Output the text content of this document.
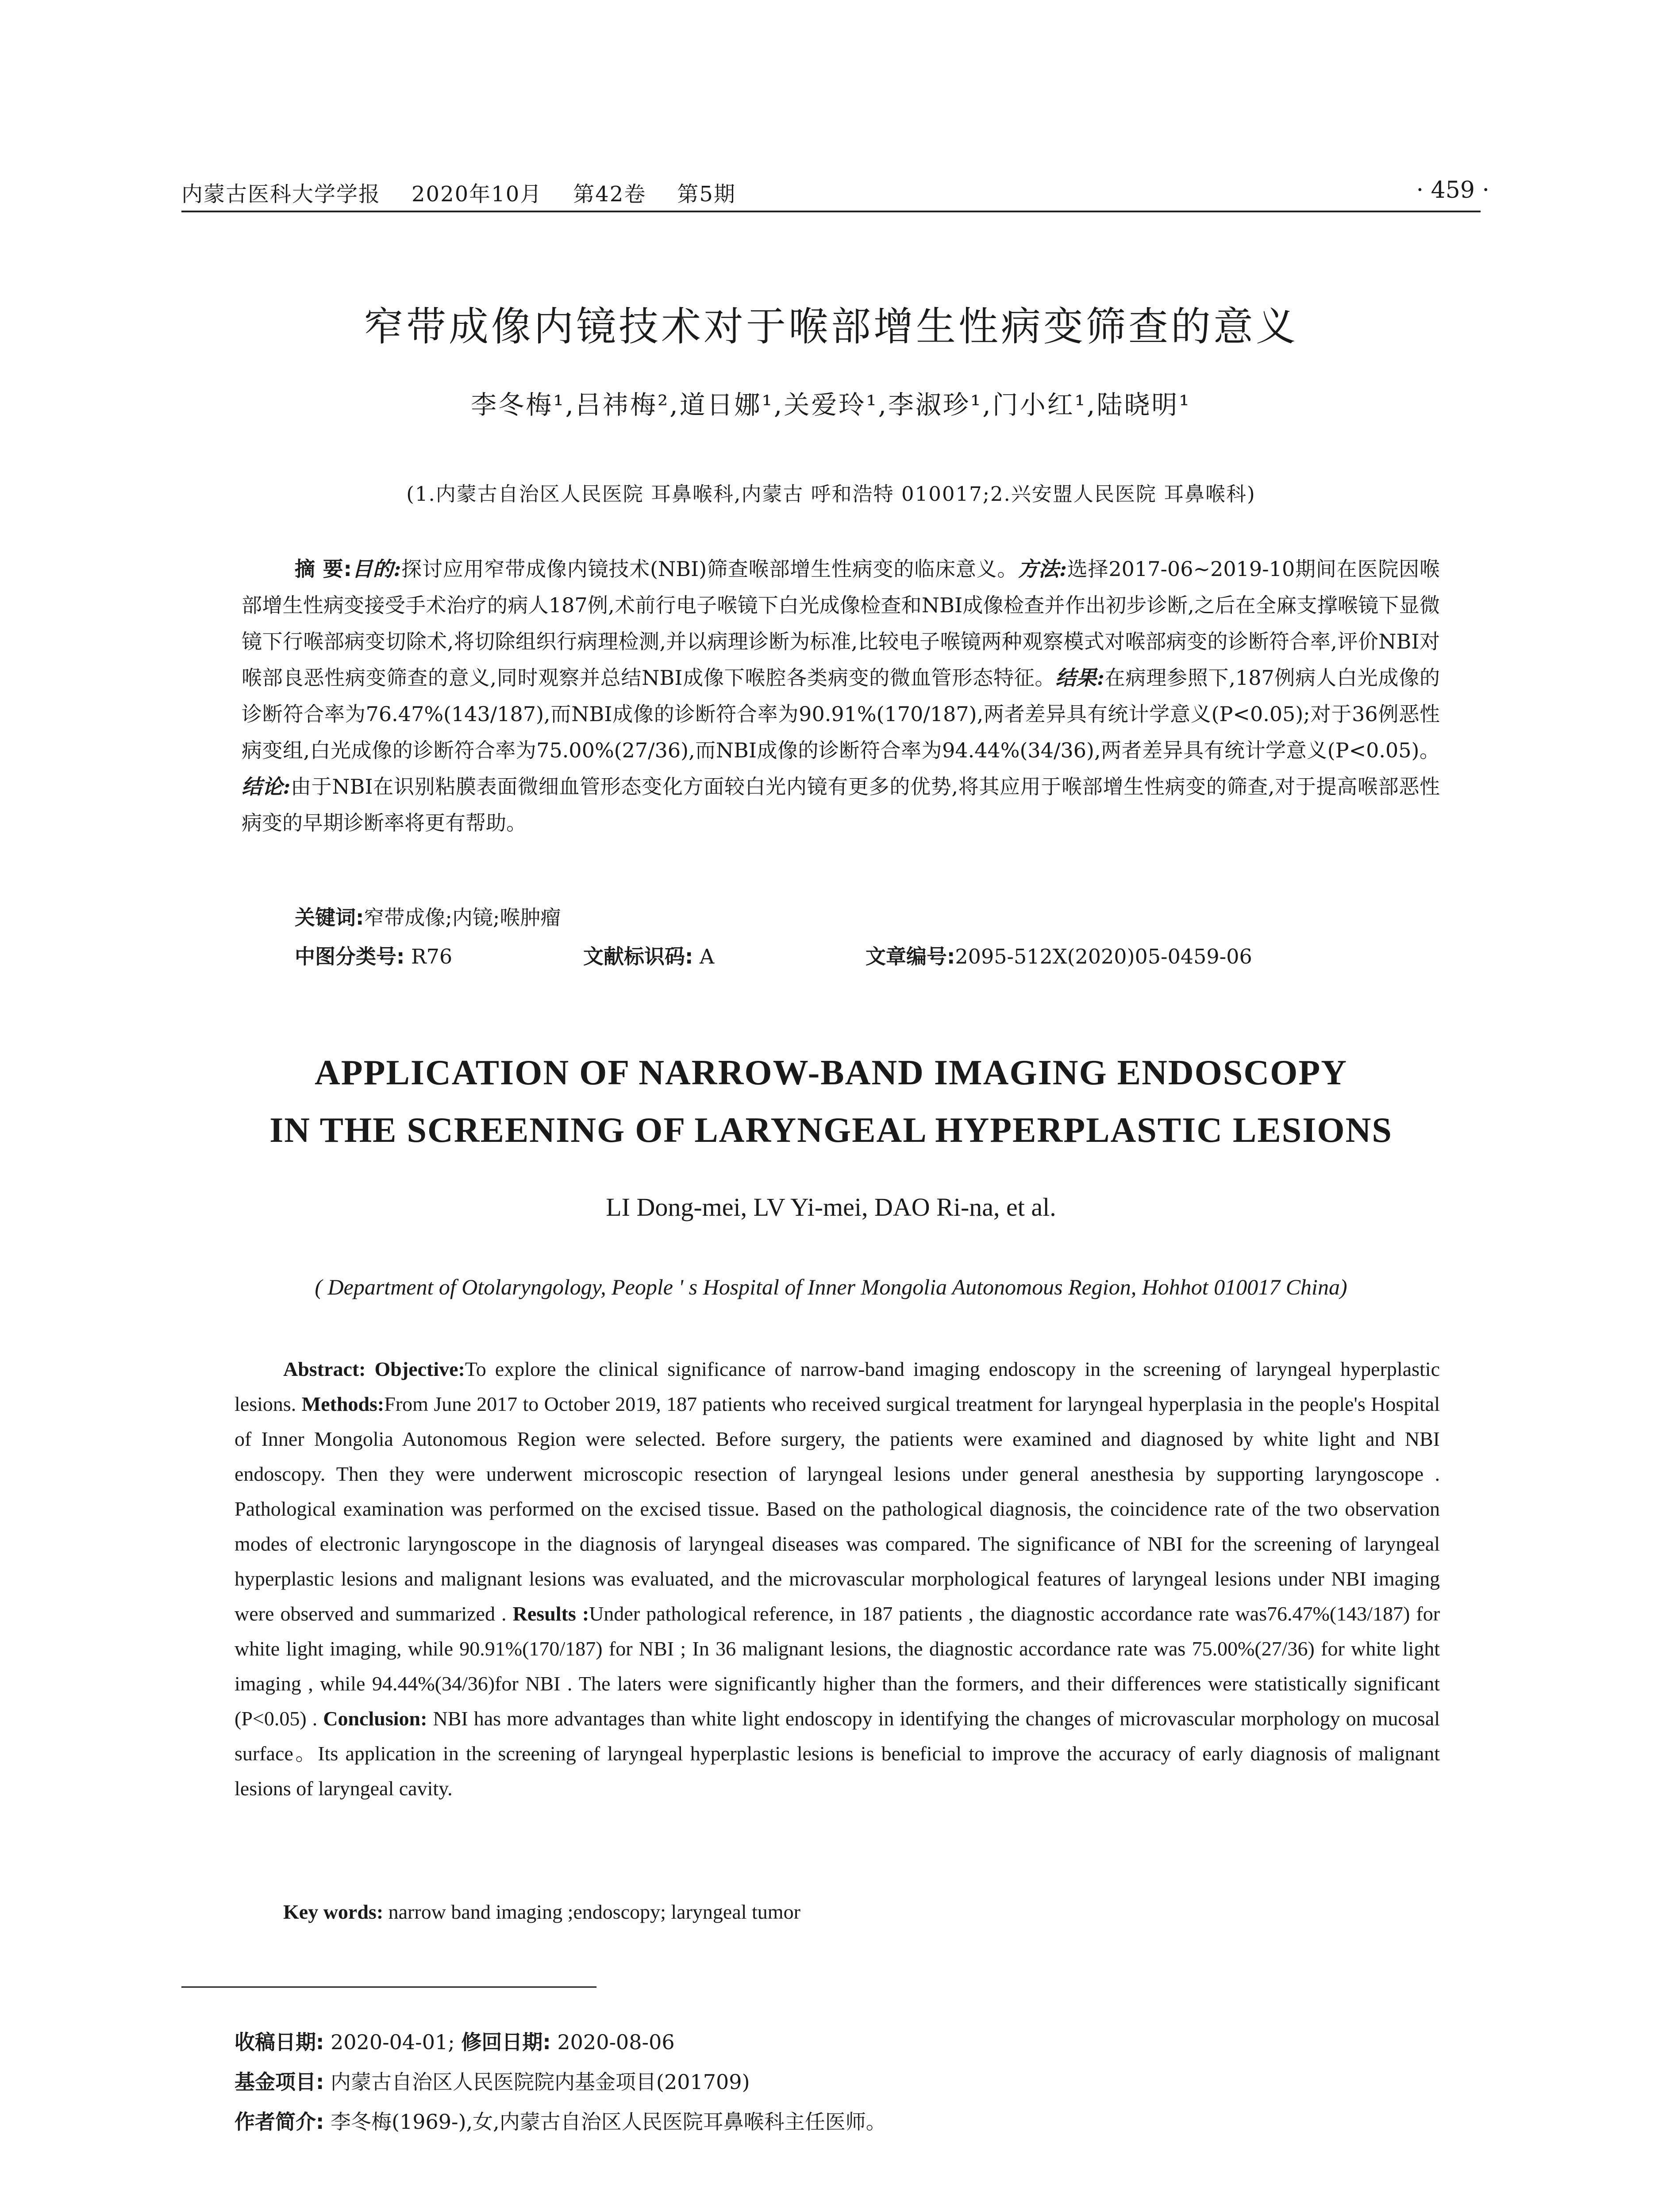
内蒙古医科大学学报 2020年10月 第42卷 第5期	· 459 ·
窄带成像内镜技术对于喉部增生性病变筛查的意义
李冬梅¹,吕祎梅²,道日娜¹,关爱玲¹,李淑珍¹,门小红¹,陆晓明¹
(1.内蒙古自治区人民医院 耳鼻喉科,内蒙古 呼和浩特 010017;2.兴安盟人民医院 耳鼻喉科)
摘 要:目的:探讨应用窄带成像内镜技术(NBI)筛查喉部增生性病变的临床意义。方法:选择2017-06~2019-10期间在医院因喉部增生性病变接受手术治疗的病人187例,术前行电子喉镜下白光成像检查和NBI成像检查并作出初步诊断,之后在全麻支撑喉镜下显微镜下行喉部病变切除术,将切除组织行病理检测,并以病理诊断为标准,比较电子喉镜两种观察模式对喉部病变的诊断符合率,评价NBI对喉部良恶性病变筛查的意义,同时观察并总结NBI成像下喉腔各类病变的微血管形态特征。结果:在病理参照下,187例病人白光成像的诊断符合率为76.47%(143/187),而NBI成像的诊断符合率为90.91%(170/187),两者差异具有统计学意义(P<0.05);对于36例恶性病变组,白光成像的诊断符合率为75.00%(27/36),而NBI成像的诊断符合率为94.44%(34/36),两者差异具有统计学意义(P<0.05)。结论:由于NBI在识别粘膜表面微细血管形态变化方面较白光内镜有更多的优势,将其应用于喉部增生性病变的筛查,对于提高喉部恶性病变的早期诊断率将更有帮助。
关键词:窄带成像;内镜;喉肿瘤
中图分类号: R76	文献标识码: A	文章编号:2095-512X(2020)05-0459-06
APPLICATION OF NARROW-BAND IMAGING ENDOSCOPY
IN THE SCREENING OF LARYNGEAL HYPERPLASTIC LESIONS
LI Dong-mei, LV Yi-mei, DAO Ri-na, et al.
( Department of Otolaryngology, People ' s Hospital of Inner Mongolia Autonomous Region, Hohhot 010017 China)
Abstract: Objective:To explore the clinical significance of narrow-band imaging endoscopy in the screening of laryngeal hyperplastic lesions. Methods:From June 2017 to October 2019, 187 patients who received surgical treatment for laryngeal hyperplasia in the people's Hospital of Inner Mongolia Autonomous Region were selected. Before surgery, the patients were examined and diagnosed by white light and NBI endoscopy. Then they were underwent microscopic resection of laryngeal lesions under general anesthesia by supporting laryngoscope . Pathological examination was performed on the excised tissue. Based on the pathological diagnosis, the coincidence rate of the two observation modes of electronic laryngoscope in the diagnosis of laryngeal diseases was compared. The significance of NBI for the screening of laryngeal hyperplastic lesions and malignant lesions was evaluated, and the microvascular morphological features of laryngeal lesions under NBI imaging were observed and summarized . Results :Under pathological reference, in 187 patients , the diagnostic accordance rate was76.47%(143/187) for white light imaging, while 90.91%(170/187) for NBI ; In 36 malignant lesions, the diagnostic accordance rate was 75.00%(27/36) for white light imaging , while 94.44%(34/36)for NBI . The laters were significantly higher than the formers, and their differences were statistically significant (P<0.05) . Conclusion: NBI has more advantages than white light endoscopy in identifying the changes of microvascular morphology on mucosal surface。Its application in the screening of laryngeal hyperplastic lesions is beneficial to improve the accuracy of early diagnosis of malignant lesions of laryngeal cavity.
Key words: narrow band imaging ;endoscopy; laryngeal tumor
收稿日期: 2020-04-01; 修回日期: 2020-08-06
基金项目: 内蒙古自治区人民医院院内基金项目(201709)
作者简介: 李冬梅(1969-),女,内蒙古自治区人民医院耳鼻喉科主任医师。
